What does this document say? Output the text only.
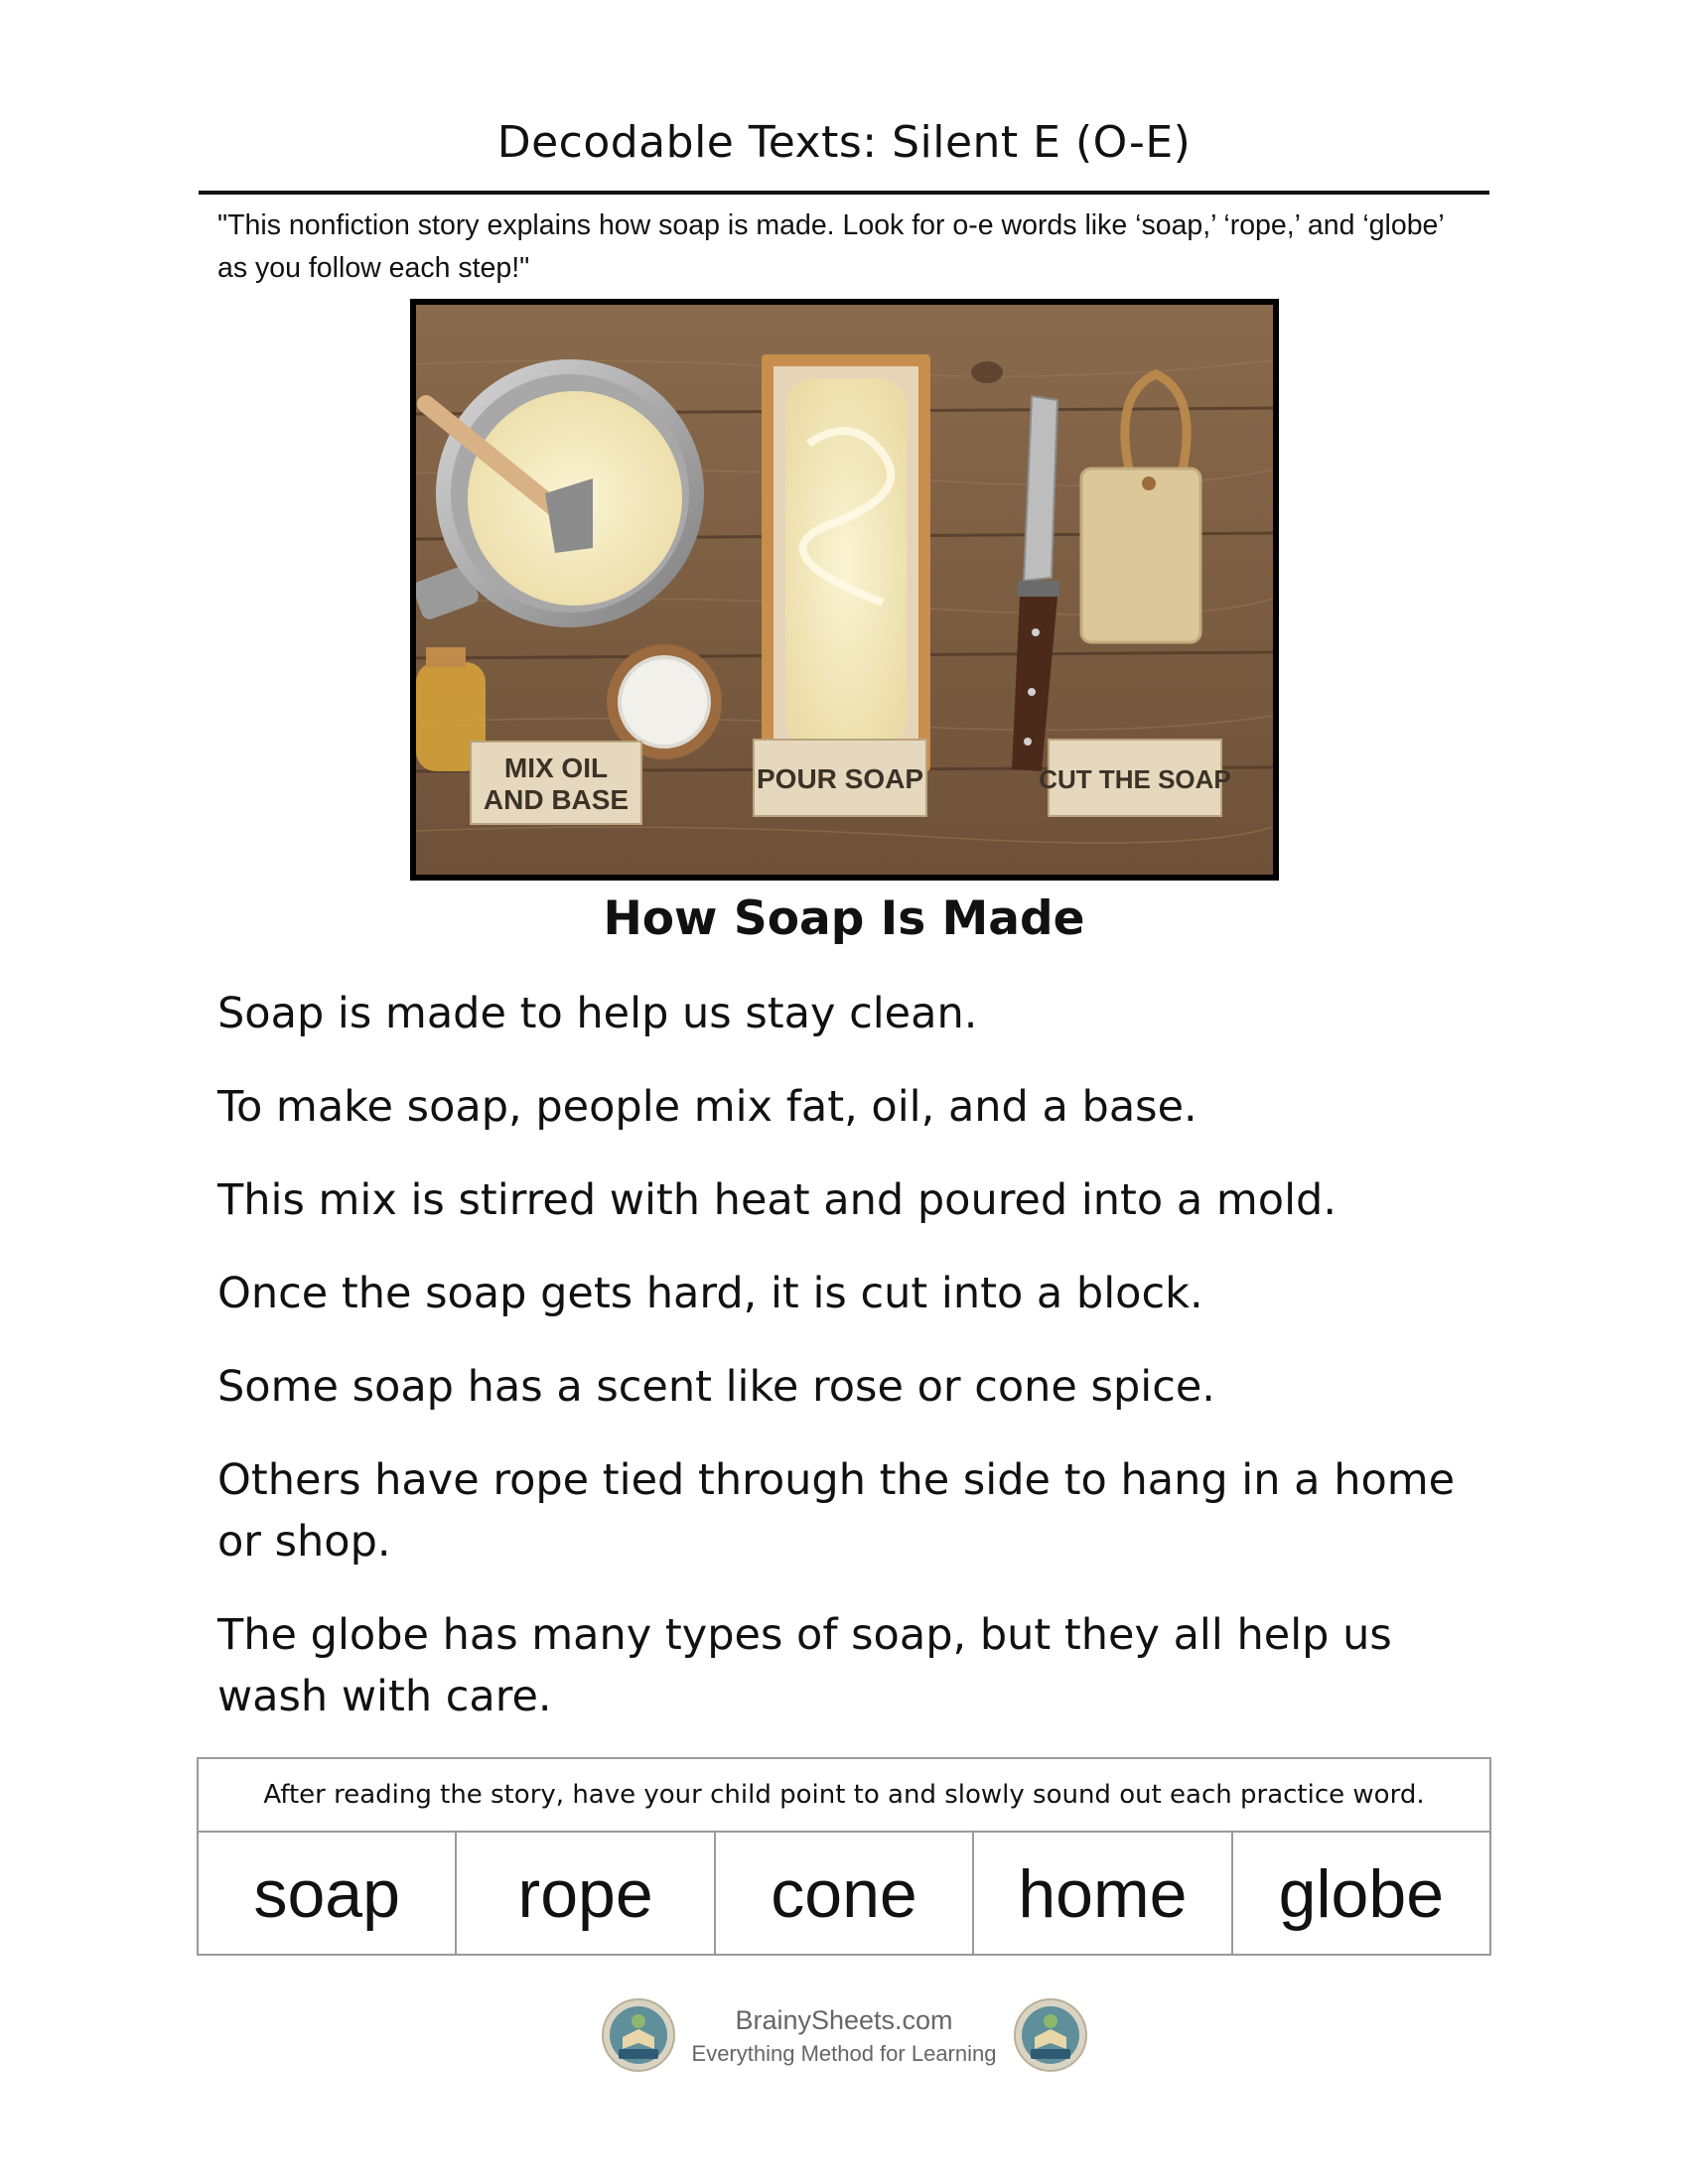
Decodable Texts: Silent E (O-E)
"This nonfiction story explains how soap is made. Look for o-e words like ‘soap,’ ‘rope,’ and ‘globe’ as you follow each step!"
MIX OIL
AND BASE
POUR SOAP	CUT THE SOAP
How Soap Is Made

Soap is made to help us stay clean.

To make soap, people mix fat, oil, and a base.

This mix is stirred with heat and poured into a mold.

Once the soap gets hard, it is cut into a block.

Some soap has a scent like rose or cone spice.

Others have rope tied through the side to hang in a home or shop.

The globe has many types of soap, but they all help us wash with care.

After reading the story, have your child point to and slowly sound out each practice word.
soap	rope	cone	home	globe
BrainySheets.com
Everything Method for Learning
